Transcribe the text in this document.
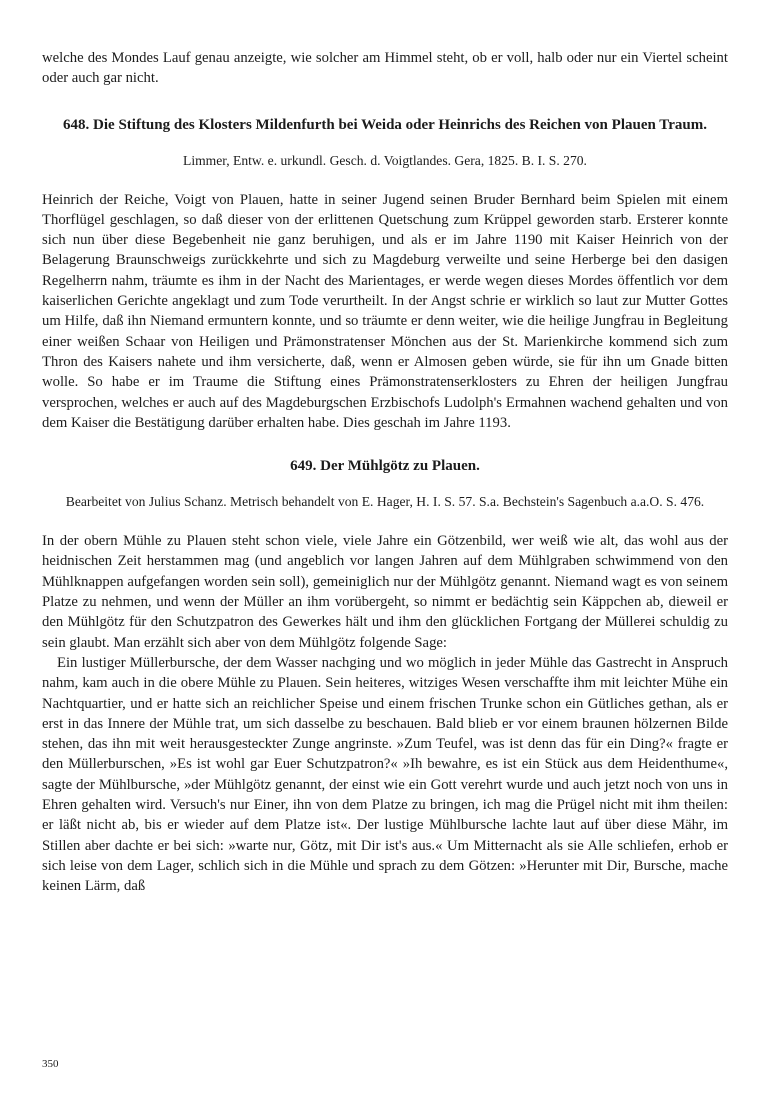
welche des Mondes Lauf genau anzeigte, wie solcher am Himmel steht, ob er voll, halb oder nur ein Viertel scheint oder auch gar nicht.

648. Die Stiftung des Klosters Mildenfurth bei Weida oder Heinrichs des Reichen von Plauen Traum.

Limmer, Entw. e. urkundl. Gesch. d. Voigtlandes. Gera, 1825. B. I. S. 270.

Heinrich der Reiche, Voigt von Plauen, hatte in seiner Jugend seinen Bruder Bernhard beim Spielen mit einem Thorflügel geschlagen, so daß dieser von der erlittenen Quetschung zum Krüppel geworden starb. Ersterer konnte sich nun über diese Begebenheit nie ganz beruhigen, und als er im Jahre 1190 mit Kaiser Heinrich von der Belagerung Braunschweigs zurückkehrte und sich zu Magdeburg verweilte und seine Herberge bei den dasigen Regelherrn nahm, träumte es ihm in der Nacht des Marientages, er werde wegen dieses Mordes öffentlich vor dem kaiserlichen Gerichte angeklagt und zum Tode verurtheilt. In der Angst schrie er wirklich so laut zur Mutter Gottes um Hilfe, daß ihn Niemand ermuntern konnte, und so träumte er denn weiter, wie die heilige Jungfrau in Begleitung einer weißen Schaar von Heiligen und Prämonstratenser Mönchen aus der St. Marienkirche kommend sich zum Thron des Kaisers nahete und ihm versicherte, daß, wenn er Almosen geben würde, sie für ihn um Gnade bitten wolle. So habe er im Traume die Stiftung eines Prämonstratenserklosters zu Ehren der heiligen Jungfrau versprochen, welches er auch auf des Magdeburgschen Erzbischofs Ludolph's Ermahnen wachend gehalten und von dem Kaiser die Bestätigung darüber erhalten habe. Dies geschah im Jahre 1193.

649. Der Mühlgötz zu Plauen.

Bearbeitet von Julius Schanz. Metrisch behandelt von E. Hager, H. I. S. 57. S.a. Bechstein's Sagenbuch a.a.O. S. 476.

In der obern Mühle zu Plauen steht schon viele, viele Jahre ein Götzenbild, wer weiß wie alt, das wohl aus der heidnischen Zeit herstammen mag (und angeblich vor langen Jahren auf dem Mühlgraben schwimmend von den Mühlknappen aufgefangen worden sein soll), gemeiniglich nur der Mühlgötz genannt. Niemand wagt es von seinem Platze zu nehmen, und wenn der Müller an ihm vorübergeht, so nimmt er bedächtig sein Käppchen ab, dieweil er den Mühlgötz für den Schutzpatron des Gewerkes hält und ihm den glücklichen Fortgang der Müllerei schuldig zu sein glaubt. Man erzählt sich aber von dem Mühlgötz folgende Sage:

Ein lustiger Müllerbursche, der dem Wasser nachging und wo möglich in jeder Mühle das Gastrecht in Anspruch nahm, kam auch in die obere Mühle zu Plauen. Sein heiteres, witziges Wesen verschaffte ihm mit leichter Mühe ein Nachtquartier, und er hatte sich an reichlicher Speise und einem frischen Trunke schon ein Gütliches gethan, als er erst in das Innere der Mühle trat, um sich dasselbe zu beschauen. Bald blieb er vor einem braunen hölzernen Bilde stehen, das ihn mit weit herausgesteckter Zunge angrinste. »Zum Teufel, was ist denn das für ein Ding?« fragte er den Müllerburschen, »Es ist wohl gar Euer Schutzpatron?« »Ih bewahre, es ist ein Stück aus dem Heidenthume«, sagte der Mühlbursche, »der Mühlgötz genannt, der einst wie ein Gott verehrt wurde und auch jetzt noch von uns in Ehren gehalten wird. Versuch's nur Einer, ihn von dem Platze zu bringen, ich mag die Prügel nicht mit ihm theilen: er läßt nicht ab, bis er wieder auf dem Platze ist«. Der lustige Mühlbursche lachte laut auf über diese Mähr, im Stillen aber dachte er bei sich: »warte nur, Götz, mit Dir ist's aus.« Um Mitternacht als sie Alle schliefen, erhob er sich leise von dem Lager, schlich sich in die Mühle und sprach zu dem Götzen: »Herunter mit Dir, Bursche, mache keinen Lärm, daß

350
